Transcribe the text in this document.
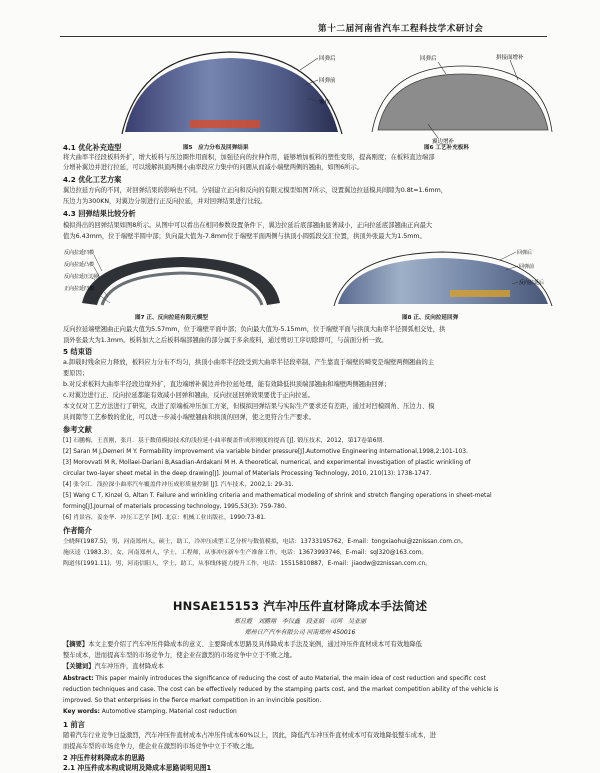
第十二届河南省汽车工程科技学术研讨会
回弹后
回弹前
零件
图5　应力分布及回弹结果
回弹后	拼接面增补
翼边增补
图6 工艺补充板料
4.1 优化补充造型
将大曲率半径段板料外扩，增大板料与压边圈作用面积，加强径向的拉伸作用，能够增加板料的塑性变形，提高刚度；在板料直边端部
分增补翼边并进行拉延，可以缓解拱顶两侧小曲率段应力集中的问题从而减小端壁两侧的翘曲，如图6所示。
4.2 优化工艺方案
翼边拉延方向的不同，对回弹结果的影响也不同。分别建立正向和反向的有限元模型如图7所示，设置翼边拉延模具间隙为0.8t=1.6mm，
压边力为300KN，对翼边分别进行正反向拉延，并对回弹结果进行比较。
4.3 回弹结果比较分析
模拟得出的回弹结果如图8所示。从图中可以看出在相同参数设置条件下，翼边拉延后底部翘曲显著减小，正向拉延底部翘曲正向最大
值为6.43mm，位于端壁半圆中部；负向最大值为-7.8mm位于端壁平面两侧与拱顶小圆弧段交汇位置，拱顶外张最大为1.5mm。
反向拉延凹模
反向拉延凸模
反向拉延压边圈
正向拉延凹模
图7 正、反向拉延有限元模型
回弹后
回弹前
反向拉延后
图8 正、反向拉延回弹
反向拉延端壁翘曲正向最大值为5.57mm，位于端壁平面中部；负向最大值为-5.15mm，位于端壁平面与拱顶大曲率半径圆弧相交处，拱
顶外张最大为1.3mm。板料加大之后板料端部翘曲的部分属于多余废料，通过剪切工序切除即可，与前面分析一致。
5 结束语
a.卸载时残余应力释放，板料应力分布不均匀，拱顶小曲率半径段受到大曲率半径段牵制，产生靠直于端壁的畸变是端壁两侧翘曲的主
要原因；
b.对反求板料大曲率半径段边缘外扩，直边端增补翼边并作拉延处理，能有效降低拱顶端部翘曲和端壁两侧翘曲回弹；
c.对翼边进行正、反向拉延都能有效减小回弹和翘曲，反向拉延回弹效果要优于正向拉延。
本文仅对工艺方法进行了研究，改进了原端板冲压加工方案，但模拟回弹结果与实际生产要求还有差距，通过对凹模圆角、压边力、模
具间隙等工艺参数的优化，可以进一步减小端壁翘曲和拱顶的回弹，使之更符合生产要求。
参考文献
[1] 石鹏梅，王喜刚，张月．基于数值模拟技术的浅拉延小曲率覆盖件成形刚度的提高 [J]. 锻压技术，2012，第17卷第6期．
[2] Saran M J,Demeri M Y. Formability improvement via variable binder pressure[J].Automotive Engineering International,1998,2:101-103.
[3] Morovvati M R, Mollaei-Dariani B,Asadian-Ardakani M H. A theoretical, numerical, and experimental investigation of plastic wrinkling of
circular two-layer sheet metal in the deep drawing[J]. Journal of Materials Processing Technology, 2010, 210(13): 1738-1747.
[4] 张令江．浅拉深小曲率汽车覆盖件冲压成形质量控制 [J]. 汽车技术，2002,1: 29-31.
[5] Wang C T, Kinzel G, Altan T. Failure and wrinkling criteria and mathematical modeling of shrink and stretch flanging operations in sheet-metal
forming[J].Journal of materials processing technology, 1995,53(3): 759-780.
[6] 肖景容，姜奎华．冲压工艺学 [M]. 北京：机械工业出版社，1990:73-81.
作者简介
仝晓辉(1987.5)，男，河南郑州人，硕士，助工，冷冲压成型工艺分析与数值模拟，电话：13733195762，E-mail：tongxiaohui@zznissan.com.cn。
施庆逵（1983.3），女，河南郑州人，学士，工程师，从事冲压新车生产准备工作，电话：13673993746，E-mail：sql320@163.com。
陶道伟(1991.11)，男，河南信阳人，学士，助工，从事线体能力提升工作，电话：15515810887，E-mail：jiaodw@zznissan.com.cn。
HNSAE15153 汽车冲压件直材降成本手法简述
郑旦霞　刘鹏翔　李汉鑫　段亚娟　司珂　吴亚丽
郑州日产汽车有限公司 河南郑州 450016
【摘要】本文主要介绍了汽车冲压件降成本的意义、主要降成本思路及具体降成本手法及案例，通过冲压件直材成本可有效地降低
整车成本，进而提高车型的市场竞争力，使企业在激烈的市场竞争中立于不败之地。
【关键词】汽车冲压件，直材降成本
Abstract: This paper mainly introduces the significance of reducing the cost of auto Material, the main idea of cost reduction and specific cost
reduction techniques and case. The cost can be effectively reduced by the stamping parts cost, and the market competition ability of the vehicle is
improved. So that enterprises in the fierce market competition in an invincible position.
Key words: Automotive stamping, Material cost reduction
1 前言
随着汽车行业竞争日益激烈，汽车冲压件直材成本占冲压件成本60%以上，因此，降低汽车冲压件直材成本可有效地降低整车成本，进
而提高车型的市场竞争力，使企业在激烈的市场竞争中立于不败之地。
2 冲压件材料降成本的思路
2.1 冲压件成本构成说明及降成本思路说明见图1
